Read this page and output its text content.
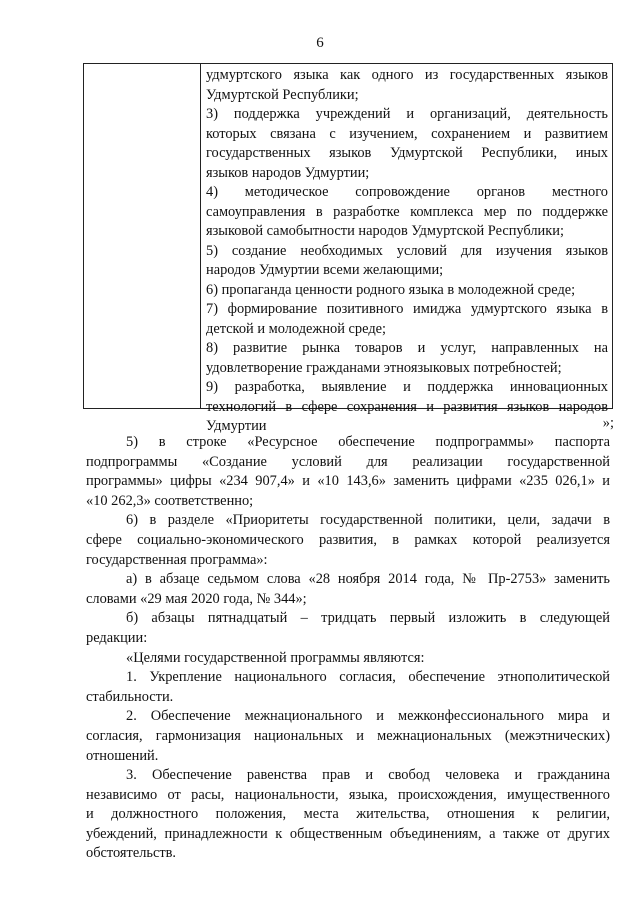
6
удмуртского языка как одного из государственных языков
Удмуртской Республики;
3) поддержка учреждений и организаций, деятельность
которых связана с изучением, сохранением и развитием
государственных языков Удмуртской Республики, иных
языков народов Удмуртии;
4) методическое сопровождение органов местного
самоуправления в разработке комплекса мер по поддержке
языковой самобытности народов Удмуртской Республики;
5) создание необходимых условий для изучения языков
народов Удмуртии всеми желающими;
6) пропаганда ценности родного языка в молодежной среде;
7) формирование позитивного имиджа удмуртского языка в
детской и молодежной среде;
8) развитие рынка товаров и услуг, направленных на
удовлетворение гражданами этноязыковых потребностей;
9) разработка, выявление и поддержка инновационных
технологий в сфере сохранения и развития языков народов
Удмуртии	»;
5) в строке «Ресурсное обеспечение подпрограммы» паспорта
подпрограммы «Создание условий для реализации государственной
программы» цифры «234 907,4» и «10 143,6» заменить цифрами «235 026,1» и
«10 262,3» соответственно;
6) в разделе «Приоритеты государственной политики, цели, задачи в
сфере социально-экономического развития, в рамках которой реализуется
государственная программа»:
а) в абзаце седьмом слова «28 ноября 2014 года, № Пр-2753» заменить
словами «29 мая 2020 года, № 344»;
б) абзацы пятнадцатый – тридцать первый изложить в следующей
редакции:
«Целями государственной программы являются:
1. Укрепление национального согласия, обеспечение этнополитической
стабильности.
2. Обеспечение межнационального и межконфессионального мира и
согласия, гармонизация национальных и межнациональных (межэтнических)
отношений.
3. Обеспечение равенства прав и свобод человека и гражданина
независимо от расы, национальности, языка, происхождения, имущественного
и должностного положения, места жительства, отношения к религии,
убеждений, принадлежности к общественным объединениям, а также от других
обстоятельств.
